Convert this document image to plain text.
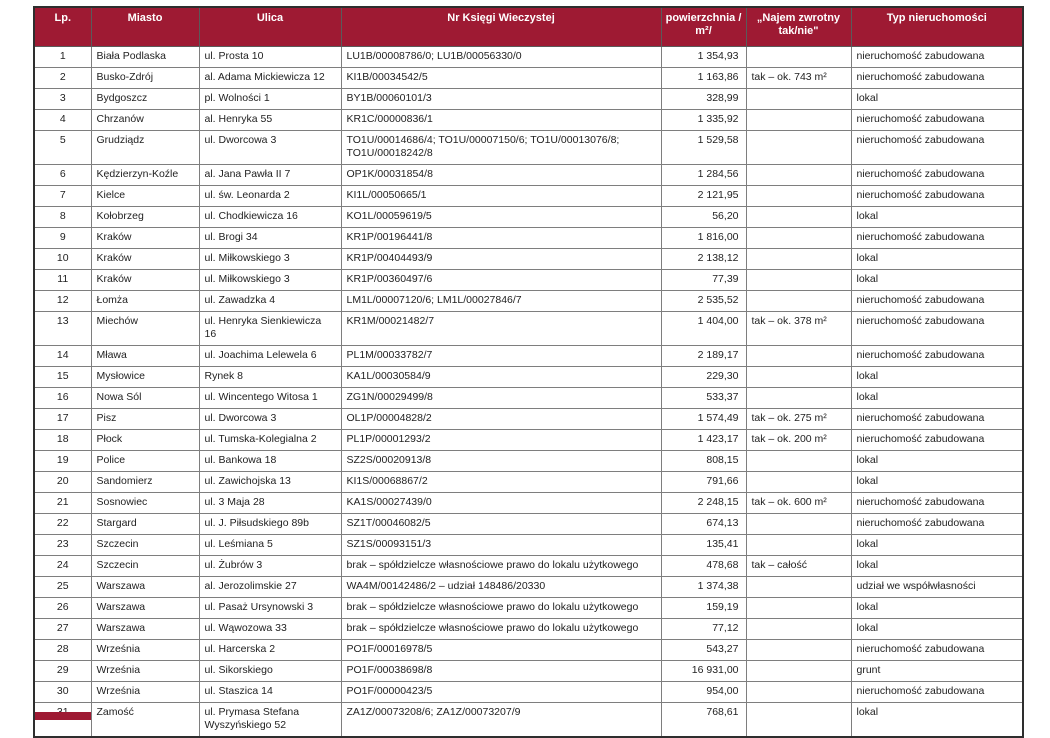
Lp.	Miasto	Ulica	Nr Księgi Wieczystej	powierzchnia / m²/	„Najem zwrotny tak/nie"	Typ nieruchomości
1	Biała Podlaska	ul. Prosta 10	LU1B/00008786/0; LU1B/00056330/0	1 354,93		nieruchomość zabudowana
2	Busko-Zdrój	al. Adama Mickiewicza 12	KI1B/00034542/5	1 163,86	tak – ok. 743 m²	nieruchomość zabudowana
3	Bydgoszcz	pl. Wolności 1	BY1B/00060101/3	328,99		lokal
4	Chrzanów	al. Henryka 55	KR1C/00000836/1	1 335,92		nieruchomość zabudowana
5	Grudziądz	ul. Dworcowa 3	TO1U/00014686/4; TO1U/00007150/6; TO1U/00013076/8; TO1U/00018242/8	1 529,58		nieruchomość zabudowana
6	Kędzierzyn-Koźle	al. Jana Pawła II 7	OP1K/00031854/8	1 284,56		nieruchomość zabudowana
7	Kielce	ul. św. Leonarda 2	KI1L/00050665/1	2 121,95		nieruchomość zabudowana
8	Kołobrzeg	ul. Chodkiewicza 16	KO1L/00059619/5	56,20		lokal
9	Kraków	ul. Brogi 34	KR1P/00196441/8	1 816,00		nieruchomość zabudowana
10	Kraków	ul. Miłkowskiego 3	KR1P/00404493/9	2 138,12		lokal
11	Kraków	ul. Miłkowskiego 3	KR1P/00360497/6	77,39		lokal
12	Łomża	ul. Zawadzka 4	LM1L/00007120/6; LM1L/00027846/7	2 535,52		nieruchomość zabudowana
13	Miechów	ul. Henryka Sienkiewicza 16	KR1M/00021482/7	1 404,00	tak – ok. 378 m²	nieruchomość zabudowana
14	Mława	ul. Joachima Lelewela 6	PL1M/00033782/7	2 189,17		nieruchomość zabudowana
15	Mysłowice	Rynek 8	KA1L/00030584/9	229,30		lokal
16	Nowa Sól	ul. Wincentego Witosa 1	ZG1N/00029499/8	533,37		lokal
17	Pisz	ul. Dworcowa 3	OL1P/00004828/2	1 574,49	tak – ok. 275 m²	nieruchomość zabudowana
18	Płock	ul. Tumska-Kolegialna 2	PL1P/00001293/2	1 423,17	tak – ok. 200 m²	nieruchomość zabudowana
19	Police	ul. Bankowa 18	SZ2S/00020913/8	808,15		lokal
20	Sandomierz	ul. Zawichojska 13	KI1S/00068867/2	791,66		lokal
21	Sosnowiec	ul. 3 Maja 28	KA1S/00027439/0	2 248,15	tak – ok. 600 m²	nieruchomość zabudowana
22	Stargard	ul. J. Piłsudskiego 89b	SZ1T/00046082/5	674,13		nieruchomość zabudowana
23	Szczecin	ul. Leśmiana 5	SZ1S/00093151/3	135,41		lokal
24	Szczecin	ul. Żubrów 3	brak – spółdzielcze własnościowe prawo do lokalu użytkowego	478,68	tak – całość	lokal
25	Warszawa	al. Jerozolimskie 27	WA4M/00142486/2 – udział 148486/20330	1 374,38		udział we współwłasności
26	Warszawa	ul. Pasaż Ursynowski 3	brak – spółdzielcze własnościowe prawo do lokalu użytkowego	159,19		lokal
27	Warszawa	ul. Wąwozowa 33	brak – spółdzielcze własnościowe prawo do lokalu użytkowego	77,12		lokal
28	Września	ul. Harcerska 2	PO1F/00016978/5	543,27		nieruchomość zabudowana
29	Września	ul. Sikorskiego	PO1F/00038698/8	16 931,00		grunt
30	Września	ul. Staszica 14	PO1F/00000423/5	954,00		nieruchomość zabudowana
	Zamość	ul. Prymasa Stefana Wyszyńskiego 52	ZA1Z/00073208/6; ZA1Z/00073207/9	768,61		lokal
